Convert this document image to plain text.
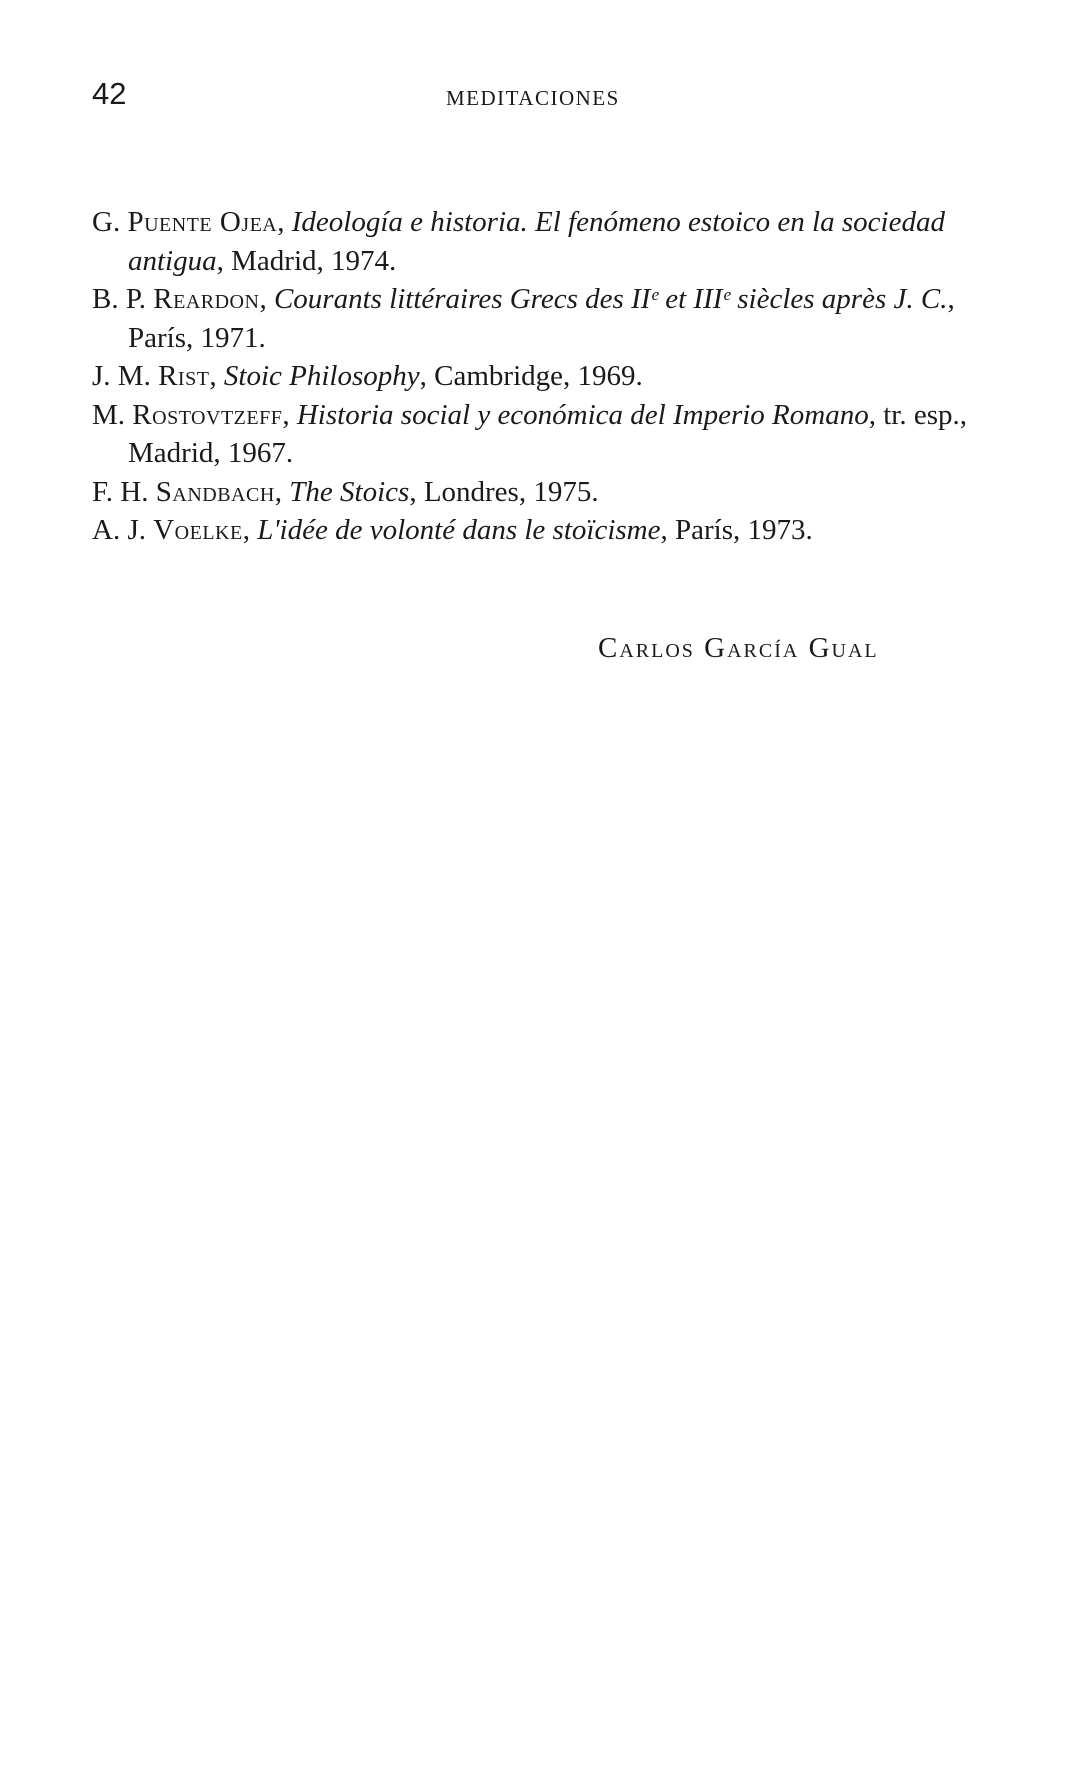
42	MEDITACIONES
G. Puente Ojea, Ideología e historia. El fenómeno estoico en la sociedad antigua, Madrid, 1974.
B. P. Reardon, Courants littéraires Grecs des IIᵉ et IIIᵉ siècles après J. C., París, 1971.
J. M. Rist, Stoic Philosophy, Cambridge, 1969.
M. Rostovtzeff, Historia social y económica del Imperio Romano, tr. esp., Madrid, 1967.
F. H. Sandbach, The Stoics, Londres, 1975.
A. J. Voelke, L'idée de volonté dans le stoïcisme, París, 1973.
Carlos García Gual
